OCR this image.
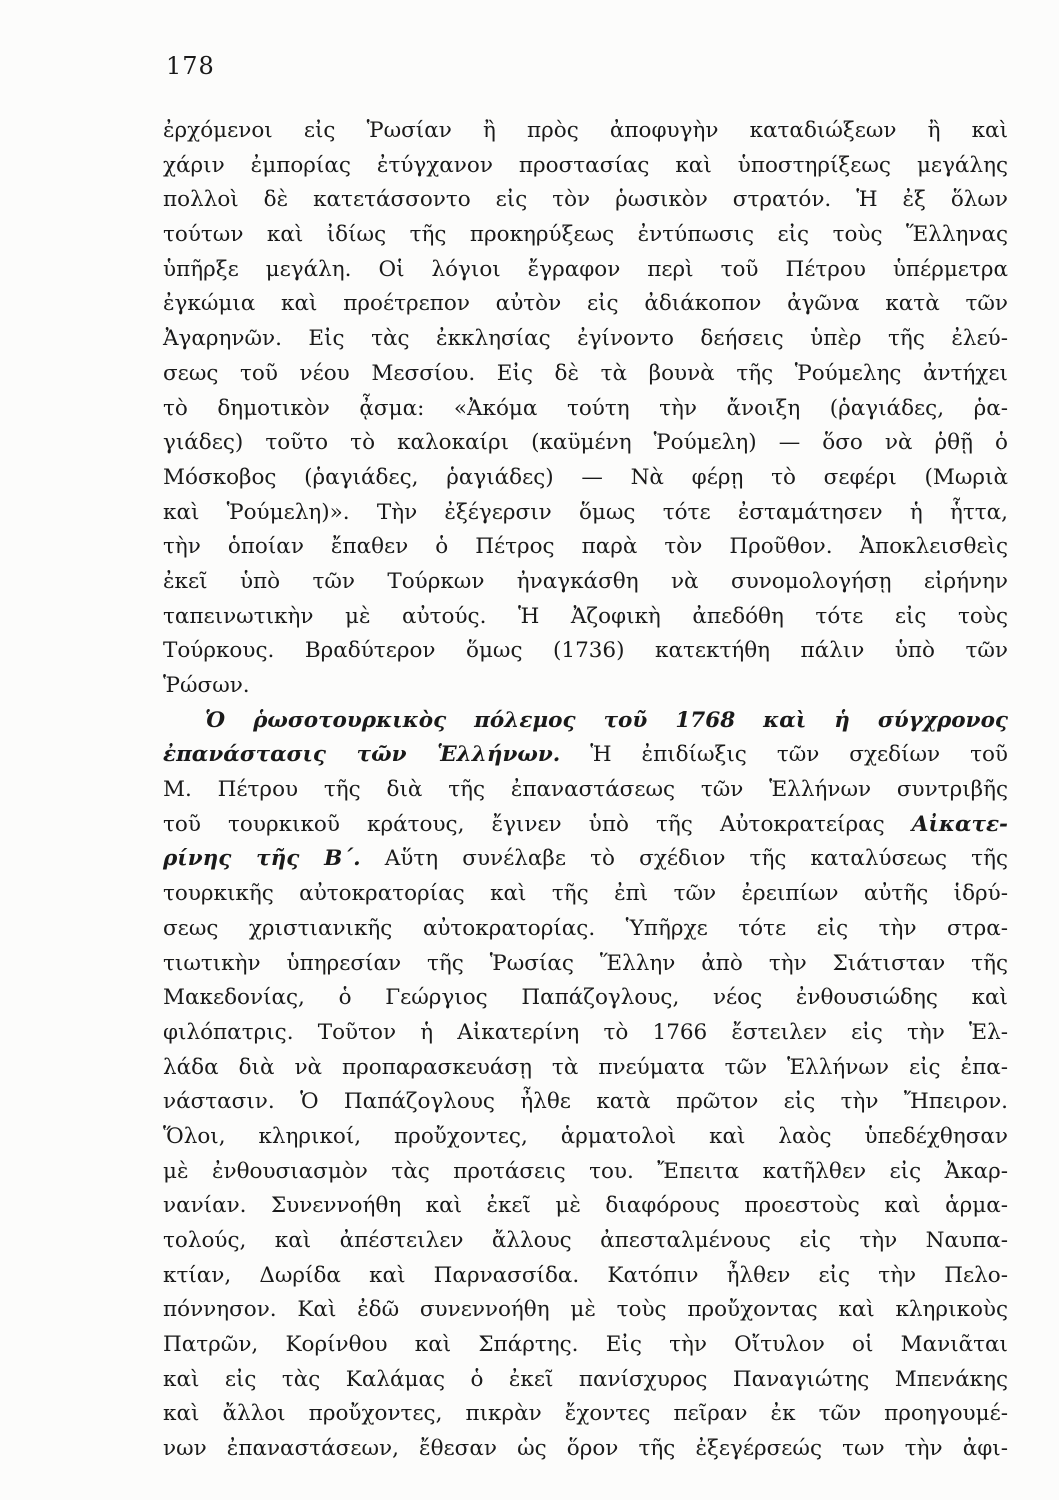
178
ἐρχόμενοι εἰς Ῥωσίαν ἢ πρὸς ἀποφυγὴν καταδιώξεων ἢ καὶ
χάριν ἐμπορίας ἐτύγχανον προστασίας καὶ ὑποστηρίξεως μεγάλης
πολλοὶ δὲ κατετάσσοντο εἰς τὸν ῥωσικὸν στρατόν. Ἡ ἐξ ὅλων
τούτων καὶ ἰδίως τῆς προκηρύξεως ἐντύπωσις εἰς τοὺς Ἕλληνας
ὑπῆρξε μεγάλη. Οἱ λόγιοι ἔγραφον περὶ τοῦ Πέτρου ὑπέρμετρα
ἐγκώμια καὶ προέτρεπον αὐτὸν εἰς ἀδιάκοπον ἀγῶνα κατὰ τῶν
Ἀγαρηνῶν. Εἰς τὰς ἐκκλησίας ἐγίνοντο δεήσεις ὑπὲρ τῆς ἐλεύ-
σεως τοῦ νέου Μεσσίου. Εἰς δὲ τὰ βουνὰ τῆς Ῥούμελης ἀντήχει
τὸ δημοτικὸν ᾆσμα: «Ἀκόμα τούτη τὴν ἄνοιξη (ῥαγιάδες, ῥα-
γιάδες) τοῦτο τὸ καλοκαίρι (καϋμένη Ῥούμελη) — ὅσο νὰ ῥθῇ ὁ
Μόσκοβος (ῥαγιάδες, ῥαγιάδες) — Νὰ φέρῃ τὸ σεφέρι (Μωριὰ
καὶ Ῥούμελη)». Τὴν ἐξέγερσιν ὅμως τότε ἐσταμάτησεν ἡ ἧττα,
τὴν ὁποίαν ἔπαθεν ὁ Πέτρος παρὰ τὸν Προῦθον. Ἀποκλεισθεὶς
ἐκεῖ ὑπὸ τῶν Τούρκων ἠναγκάσθη νὰ συνομολογήσῃ εἰρήνην
ταπεινωτικὴν μὲ αὐτούς. Ἡ Ἀζοφικὴ ἀπεδόθη τότε εἰς τοὺς
Τούρκους. Βραδύτερον ὅμως (1736) κατεκτήθη πάλιν ὑπὸ τῶν
Ῥώσων.
Ὁ ῥωσοτουρκικὸς πόλεμος τοῦ 1768 καὶ ἡ σύγχρονος
ἐπανάστασις τῶν Ἑλλήνων. Ἡ ἐπιδίωξις τῶν σχεδίων τοῦ
Μ. Πέτρου τῆς διὰ τῆς ἐπαναστάσεως τῶν Ἑλλήνων συντριβῆς
τοῦ τουρκικοῦ κράτους, ἔγινεν ὑπὸ τῆς Αὐτοκρατείρας Αἰκατε-
ρίνης τῆς Β΄. Αὕτη συνέλαβε τὸ σχέδιον τῆς καταλύσεως τῆς
τουρκικῆς αὐτοκρατορίας καὶ τῆς ἐπὶ τῶν ἐρειπίων αὐτῆς ἱδρύ-
σεως χριστιανικῆς αὐτοκρατορίας. Ὑπῆρχε τότε εἰς τὴν στρα-
τιωτικὴν ὑπηρεσίαν τῆς Ῥωσίας Ἕλλην ἀπὸ τὴν Σιάτισταν τῆς
Μακεδονίας, ὁ Γεώργιος Παπάζογλους, νέος ἐνθουσιώδης καὶ
φιλόπατρις. Τοῦτον ἡ Αἰκατερίνη τὸ 1766 ἔστειλεν εἰς τὴν Ἑλ-
λάδα διὰ νὰ προπαρασκευάσῃ τὰ πνεύματα τῶν Ἑλλήνων εἰς ἐπα-
νάστασιν. Ὁ Παπάζογλους ἦλθε κατὰ πρῶτον εἰς τὴν Ἤπειρον.
Ὅλοι, κληρικοί, προὔχοντες, ἁρματολοὶ καὶ λαὸς ὑπεδέχθησαν
μὲ ἐνθουσιασμὸν τὰς προτάσεις του. Ἔπειτα κατῆλθεν εἰς Ἀκαρ-
νανίαν. Συνεννοήθη καὶ ἐκεῖ μὲ διαφόρους προεστοὺς καὶ ἁρμα-
τολούς, καὶ ἀπέστειλεν ἄλλους ἀπεσταλμένους εἰς τὴν Ναυπα-
κτίαν, Δωρίδα καὶ Παρνασσίδα. Κατόπιν ἦλθεν εἰς τὴν Πελο-
πόννησον. Καὶ ἐδῶ συνεννοήθη μὲ τοὺς προὔχοντας καὶ κληρικοὺς
Πατρῶν, Κορίνθου καὶ Σπάρτης. Εἰς τὴν Οἴτυλον οἱ Μανιᾶται
καὶ εἰς τὰς Καλάμας ὁ ἐκεῖ πανίσχυρος Παναγιώτης Μπενάκης
καὶ ἄλλοι προὔχοντες, πικρὰν ἔχοντες πεῖραν ἐκ τῶν προηγουμέ-
νων ἐπαναστάσεων, ἔθεσαν ὡς ὅρον τῆς ἐξεγέρσεώς των τὴν ἀφι-
